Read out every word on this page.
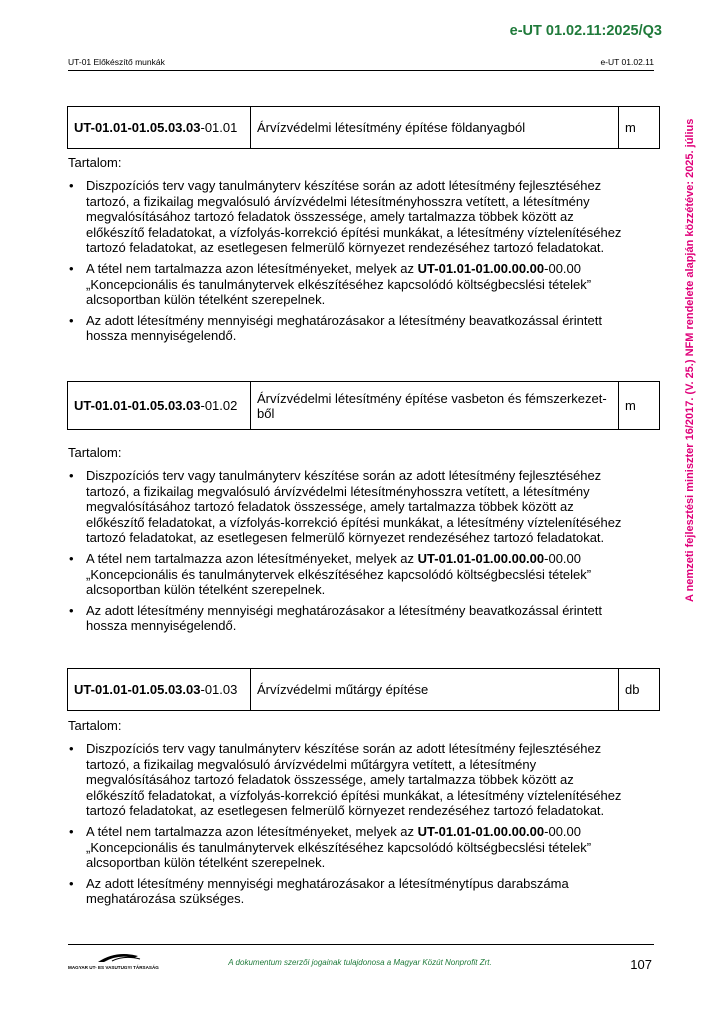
e-UT 01.02.11:2025/Q3
UT-01 Előkészítő munkák	e-UT 01.02.11
A nemzeti fejlesztési miniszter 16/2017. (V. 25.) NFM rendelete alapján közzétéve: 2025. július
UT-01.01-01.05.03.03-01.01	Árvízvédelmi létesítmény építése földanyagból	m
Tartalom:
• Diszpozíciós terv vagy tanulmányterv készítése során az adott létesítmény fejlesztéséhez tartozó, a fizikailag megvalósuló árvízvédelmi létesítményhosszra vetített, a létesítmény megvalósításához tartozó feladatok összessége, amely tartalmazza többek között az előkészítő feladatokat, a vízfolyás-korrekció építési munkákat, a létesítmény víztelenítéséhez tartozó feladatokat, az esetlegesen felmerülő környezet rendezéséhez tartozó feladatokat.
• A tétel nem tartalmazza azon létesítményeket, melyek az UT-01.01-01.00.00.00-00.00 „Koncepcionális és tanulmánytervek elkészítéséhez kapcsolódó költségbecslési tételek” alcsoportban külön tételként szerepelnek.
• Az adott létesítmény mennyiségi meghatározásakor a létesítmény beavatkozással érintett hossza mennyiségelendő.
UT-01.01-01.05.03.03-01.02	Árvízvédelmi létesítmény építése vasbeton és fémszerkezet-ből	m
Tartalom:
• Diszpozíciós terv vagy tanulmányterv készítése során az adott létesítmény fejlesztéséhez tartozó, a fizikailag megvalósuló árvízvédelmi létesítményhosszra vetített, a létesítmény megvalósításához tartozó feladatok összessége, amely tartalmazza többek között az előkészítő feladatokat, a vízfolyás-korrekció építési munkákat, a létesítmény víztelenítéséhez tartozó feladatokat, az esetlegesen felmerülő környezet rendezéséhez tartozó feladatokat.
• A tétel nem tartalmazza azon létesítményeket, melyek az UT-01.01-01.00.00.00-00.00 „Koncepcionális és tanulmánytervek elkészítéséhez kapcsolódó költségbecslési tételek” alcsoportban külön tételként szerepelnek.
• Az adott létesítmény mennyiségi meghatározásakor a létesítmény beavatkozással érintett hossza mennyiségelendő.
UT-01.01-01.05.03.03-01.03	Árvízvédelmi műtárgy építése	db
Tartalom:
• Diszpozíciós terv vagy tanulmányterv készítése során az adott létesítmény fejlesztéséhez tartozó, a fizikailag megvalósuló árvízvédelmi műtárgyra vetített, a létesítmény megvalósításához tartozó feladatok összessége, amely tartalmazza többek között az előkészítő feladatokat, a vízfolyás-korrekció építési munkákat, a létesítmény víztelenítéséhez tartozó feladatokat, az esetlegesen felmerülő környezet rendezéséhez tartozó feladatokat.
• A tétel nem tartalmazza azon létesítményeket, melyek az UT-01.01-01.00.00.00-00.00 „Koncepcionális és tanulmánytervek elkészítéséhez kapcsolódó költségbecslési tételek” alcsoportban külön tételként szerepelnek.
• Az adott létesítmény mennyiségi meghatározásakor a létesítménytípus darabszáma meghatározása szükséges.
MAGYAR UT- ES VASUTUGYI TÁRSASÁG
A dokumentum szerzői jogainak tulajdonosa a Magyar Közút Nonprofit Zrt.	107
